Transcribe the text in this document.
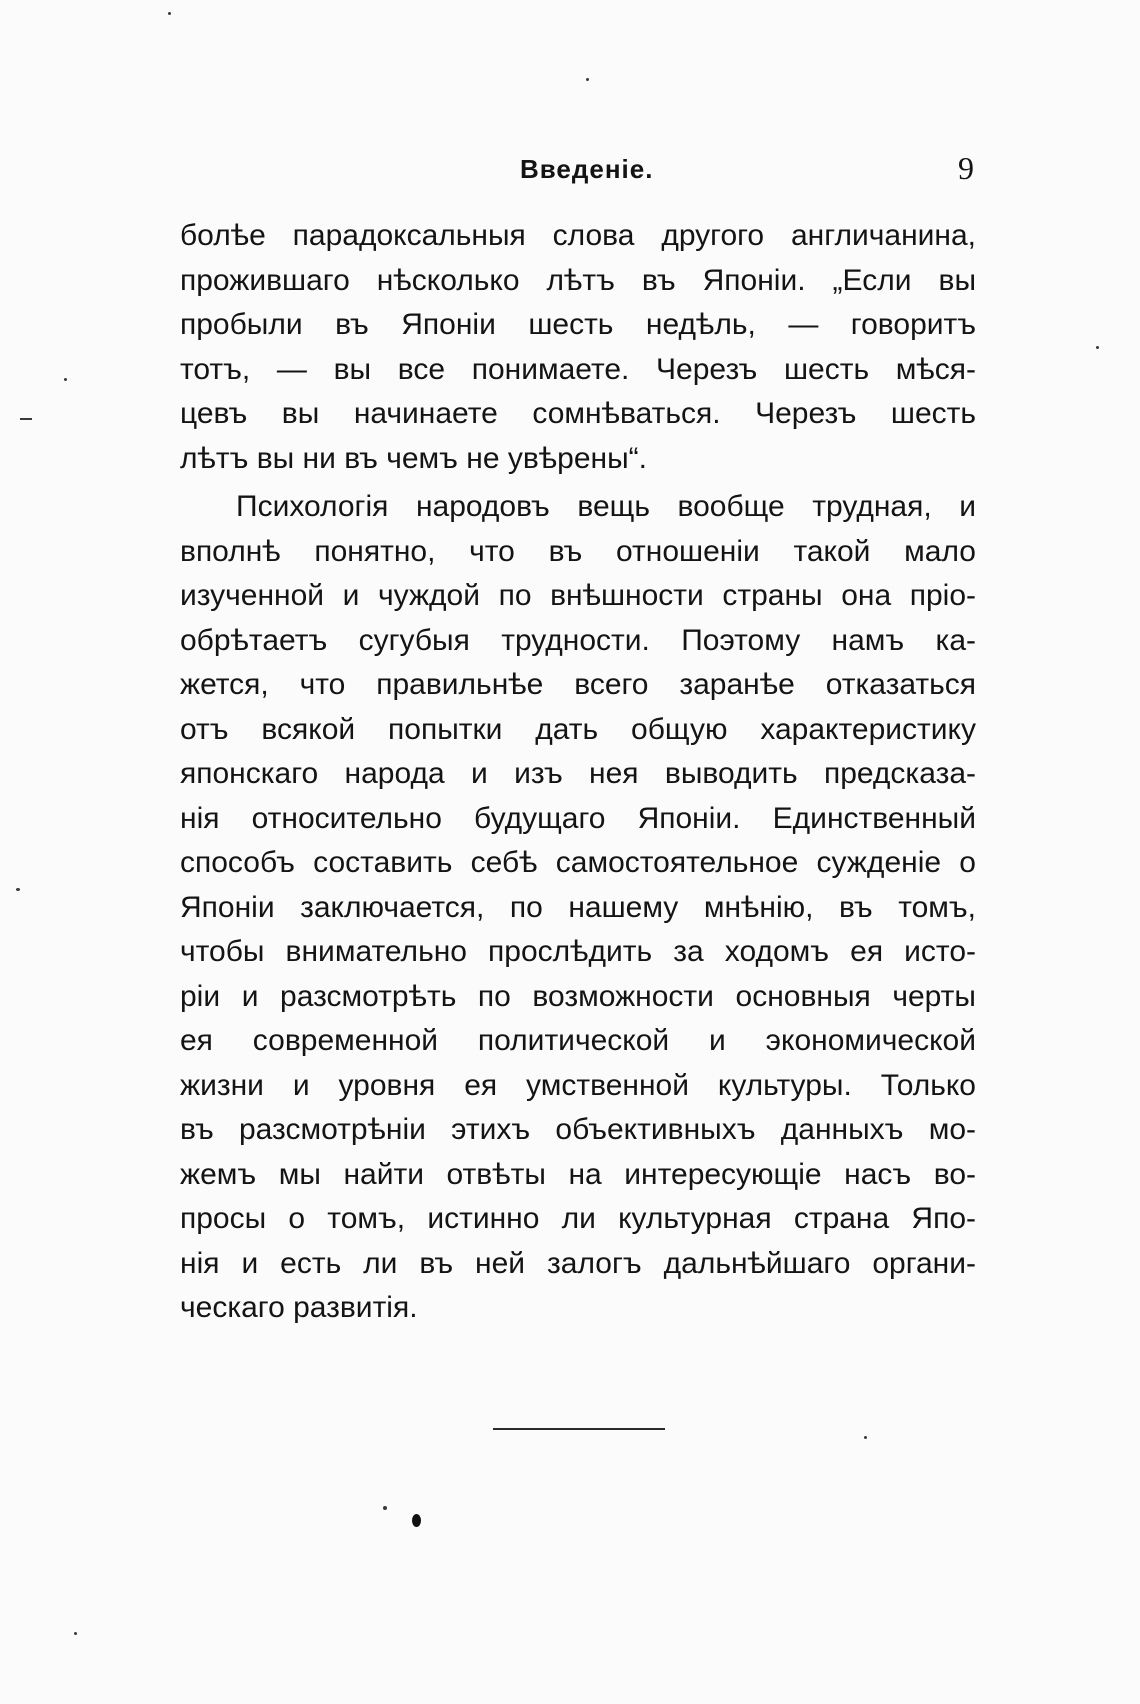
Введеніе.	9
болѣе парадоксальныя слова другого англичанина,
прожившаго нѣсколько лѣтъ въ Японіи. „Если вы
пробыли въ Японіи шесть недѣль, — говоритъ
тотъ, — вы все понимаете. Черезъ шесть мѣся-
цевъ вы начинаете сомнѣваться. Черезъ шесть
лѣтъ вы ни въ чемъ не увѣрены“.
Психологія народовъ вещь вообще трудная, и
вполнѣ понятно, что въ отношеніи такой мало
изученной и чуждой по внѣшности страны она пріо-
обрѣтаетъ сугубыя трудности. Поэтому намъ ка-
жется, что правильнѣе всего заранѣе отказаться
отъ всякой попытки дать общую характеристику
японскаго народа и изъ нея выводить предсказа-
нія относительно будущаго Японіи. Единственный
способъ составить себѣ самостоятельное сужденіе о
Японіи заключается, по нашему мнѣнію, въ томъ,
чтобы внимательно прослѣдить за ходомъ ея исто-
ріи и разсмотрѣть по возможности основныя черты
ея современной политической и экономической
жизни и уровня ея умственной культуры. Только
въ разсмотрѣніи этихъ объективныхъ данныхъ мо-
жемъ мы найти отвѣты на интересующіе насъ во-
просы о томъ, истинно ли культурная страна Япо-
нія и есть ли въ ней залогъ дальнѣйшаго органи-
ческаго развитія.
